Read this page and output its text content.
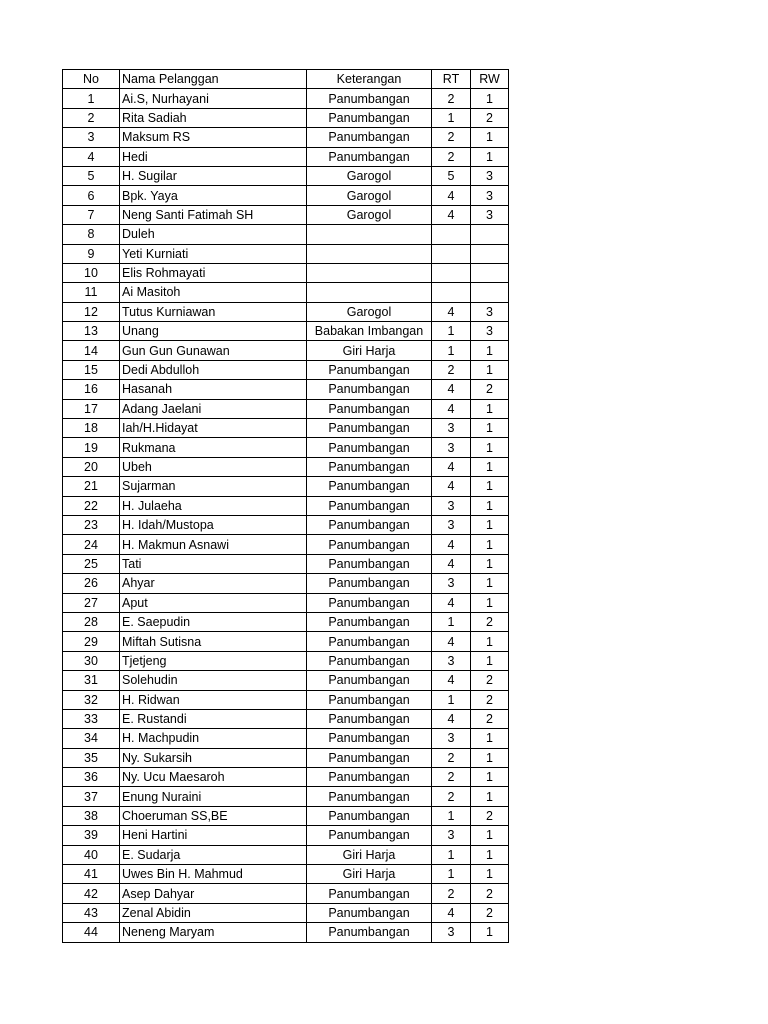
No	Nama Pelanggan	Keterangan	RT	RW
1	Ai.S, Nurhayani	Panumbangan	2	1
2	Rita Sadiah	Panumbangan	1	2
3	Maksum RS	Panumbangan	2	1
4	Hedi	Panumbangan	2	1
5	H. Sugilar	Garogol	5	3
6	Bpk. Yaya	Garogol	4	3
7	Neng Santi Fatimah SH	Garogol	4	3
8	Duleh			
9	Yeti Kurniati			
10	Elis Rohmayati			
11	Ai Masitoh			
12	Tutus Kurniawan	Garogol	4	3
13	Unang	Babakan Imbangan	1	3
14	Gun Gun Gunawan	Giri Harja	1	1
15	Dedi Abdulloh	Panumbangan	2	1
16	Hasanah	Panumbangan	4	2
17	Adang Jaelani	Panumbangan	4	1
18	Iah/H.Hidayat	Panumbangan	3	1
19	Rukmana	Panumbangan	3	1
20	Ubeh	Panumbangan	4	1
21	Sujarman	Panumbangan	4	1
22	H. Julaeha	Panumbangan	3	1
23	H. Idah/Mustopa	Panumbangan	3	1
24	H. Makmun Asnawi	Panumbangan	4	1
25	Tati	Panumbangan	4	1
26	Ahyar	Panumbangan	3	1
27	Aput	Panumbangan	4	1
28	E. Saepudin	Panumbangan	1	2
29	Miftah Sutisna	Panumbangan	4	1
30	Tjetjeng	Panumbangan	3	1
31	Solehudin	Panumbangan	4	2
32	H. Ridwan	Panumbangan	1	2
33	E. Rustandi	Panumbangan	4	2
34	H. Machpudin	Panumbangan	3	1
35	Ny. Sukarsih	Panumbangan	2	1
36	Ny. Ucu Maesaroh	Panumbangan	2	1
37	Enung Nuraini	Panumbangan	2	1
38	Choeruman SS,BE	Panumbangan	1	2
39	Heni Hartini	Panumbangan	3	1
40	E. Sudarja	Giri Harja	1	1
41	Uwes Bin H. Mahmud	Giri Harja	1	1
42	Asep Dahyar	Panumbangan	2	2
43	Zenal Abidin	Panumbangan	4	2
44	Neneng Maryam	Panumbangan	3	1
